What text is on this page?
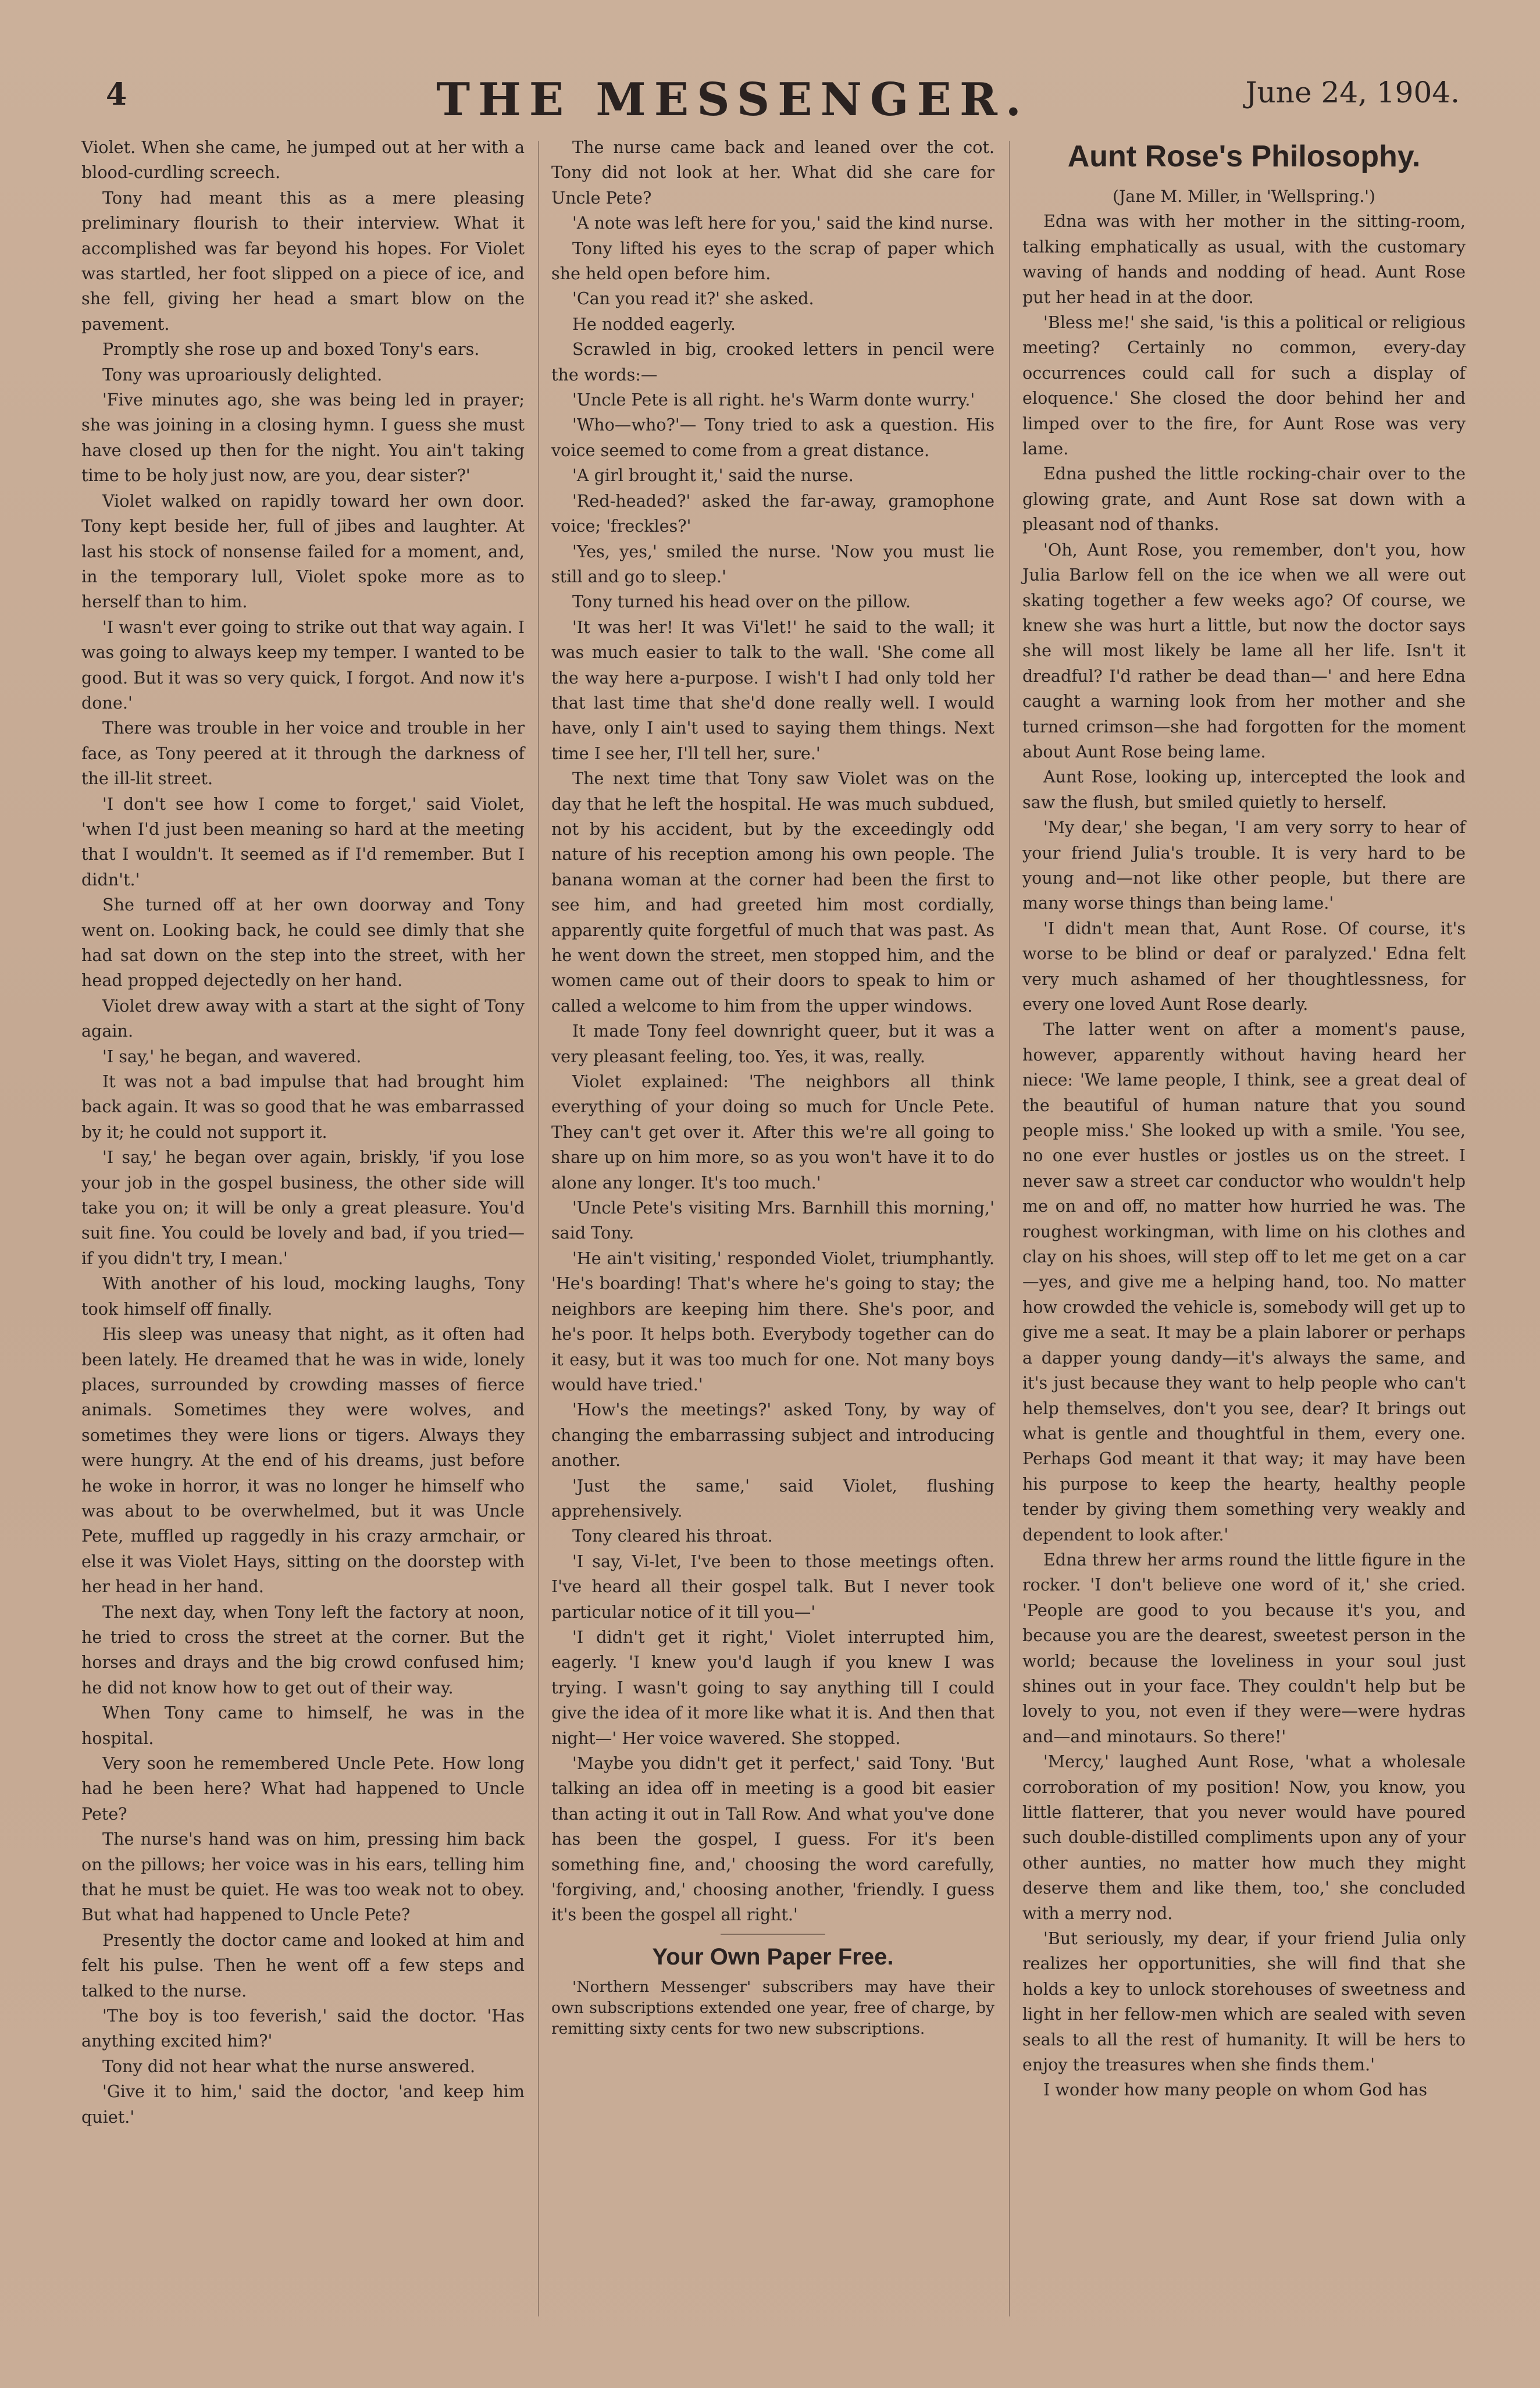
4	THE MESSENGER.	June 24, 1904.

Violet. When she came, he jumped out at her with a blood-curdling screech.

Tony had meant this as a mere pleasing preliminary flourish to their interview. What it accomplished was far beyond his hopes. For Violet was startled, her foot slipped on a piece of ice, and she fell, giving her head a smart blow on the pavement.

Promptly she rose up and boxed Tony's ears.

Tony was uproariously delighted.

'Five minutes ago, she was being led in prayer; she was joining in a closing hymn. I guess she must have closed up then for the night. You ain't taking time to be holy just now, are you, dear sister?'

Violet walked on rapidly toward her own door. Tony kept beside her, full of jibes and laughter. At last his stock of nonsense failed for a moment, and, in the temporary lull, Violet spoke more as to herself than to him.

'I wasn't ever going to strike out that way again. I was going to always keep my temper. I wanted to be good. But it was so very quick, I forgot. And now it's done.'

There was trouble in her voice and trouble in her face, as Tony peered at it through the darkness of the ill-lit street.

'I don't see how I come to forget,' said Violet, 'when I'd just been meaning so hard at the meeting that I wouldn't. It seemed as if I'd remember. But I didn't.'

She turned off at her own doorway and Tony went on. Looking back, he could see dimly that she had sat down on the step into the street, with her head propped dejectedly on her hand.

Violet drew away with a start at the sight of Tony again.

'I say,' he began, and wavered.

It was not a bad impulse that had brought him back again. It was so good that he was embarrassed by it; he could not support it.

'I say,' he began over again, briskly, 'if you lose your job in the gospel business, the other side will take you on; it will be only a great pleasure. You'd suit fine. You could be lovely and bad, if you tried—if you didn't try, I mean.'

With another of his loud, mocking laughs, Tony took himself off finally.

His sleep was uneasy that night, as it often had been lately. He dreamed that he was in wide, lonely places, surrounded by crowding masses of fierce animals. Sometimes they were wolves, and sometimes they were lions or tigers. Always they were hungry. At the end of his dreams, just before he woke in horror, it was no longer he himself who was about to be overwhelmed, but it was Uncle Pete, muffled up raggedly in his crazy armchair, or else it was Violet Hays, sitting on the doorstep with her head in her hand.

The next day, when Tony left the factory at noon, he tried to cross the street at the corner. But the horses and drays and the big crowd confused him; he did not know how to get out of their way.

When Tony came to himself, he was in the hospital.

Very soon he remembered Uncle Pete. How long had he been here? What had happened to Uncle Pete?

The nurse's hand was on him, pressing him back on the pillows; her voice was in his ears, telling him that he must be quiet. He was too weak not to obey. But what had happened to Uncle Pete?

Presently the doctor came and looked at him and felt his pulse. Then he went off a few steps and talked to the nurse.

'The boy is too feverish,' said the doctor. 'Has anything excited him?'

Tony did not hear what the nurse answered.

'Give it to him,' said the doctor, 'and keep him quiet.'

The nurse came back and leaned over the cot. Tony did not look at her. What did she care for Uncle Pete?

'A note was left here for you,' said the kind nurse.

Tony lifted his eyes to the scrap of paper which she held open before him.

'Can you read it?' she asked.

He nodded eagerly.

Scrawled in big, crooked letters in pencil were the words:—

'Uncle Pete is all right. he's Warm donte wurry.'

'Who—who?'— Tony tried to ask a question. His voice seemed to come from a great distance.

'A girl brought it,' said the nurse.

'Red-headed?' asked the far-away, gramophone voice; 'freckles?'

'Yes, yes,' smiled the nurse. 'Now you must lie still and go to sleep.'

Tony turned his head over on the pillow.

'It was her! It was Vi'let!' he said to the wall; it was much easier to talk to the wall. 'She come all the way here a-purpose. I wish't I had only told her that last time that she'd done really well. I would have, only I ain't used to saying them things. Next time I see her, I'll tell her, sure.'

The next time that Tony saw Violet was on the day that he left the hospital. He was much subdued, not by his accident, but by the exceedingly odd nature of his reception among his own people. The banana woman at the corner had been the first to see him, and had greeted him most cordially, apparently quite forgetful of much that was past. As he went down the street, men stopped him, and the women came out of their doors to speak to him or called a welcome to him from the upper windows.

It made Tony feel downright queer, but it was a very pleasant feeling, too. Yes, it was, really.

Violet explained: 'The neighbors all think everything of your doing so much for Uncle Pete. They can't get over it. After this we're all going to share up on him more, so as you won't have it to do alone any longer. It's too much.'

'Uncle Pete's visiting Mrs. Barnhill this morning,' said Tony.

'He ain't visiting,' responded Violet, triumphantly. 'He's boarding! That's where he's going to stay; the neighbors are keeping him there. She's poor, and he's poor. It helps both. Everybody together can do it easy, but it was too much for one. Not many boys would have tried.'

'How's the meetings?' asked Tony, by way of changing the embarrassing subject and introducing another.

'Just the same,' said Violet, flushing apprehensively.

Tony cleared his throat.

'I say, Vi-let, I've been to those meetings often. I've heard all their gospel talk. But I never took particular notice of it till you—'

'I didn't get it right,' Violet interrupted him, eagerly. 'I knew you'd laugh if you knew I was trying. I wasn't going to say anything till I could give the idea of it more like what it is. And then that night—' Her voice wavered. She stopped.

'Maybe you didn't get it perfect,' said Tony. 'But talking an idea off in meeting is a good bit easier than acting it out in Tall Row. And what you've done has been the gospel, I guess. For it's been something fine, and,' choosing the word carefully, 'forgiving, and,' choosing another, 'friendly. I guess it's been the gospel all right.'

Your Own Paper Free.

'Northern Messenger' subscribers may have their own subscriptions extended one year, free of charge, by remitting sixty cents for two new subscriptions.

Aunt Rose's Philosophy.

(Jane M. Miller, in 'Wellspring.')

Edna was with her mother in the sitting-room, talking emphatically as usual, with the customary waving of hands and nodding of head. Aunt Rose put her head in at the door.

'Bless me!' she said, 'is this a political or religious meeting? Certainly no common, every-day occurrences could call for such a display of eloquence.' She closed the door behind her and limped over to the fire, for Aunt Rose was very lame.

Edna pushed the little rocking-chair over to the glowing grate, and Aunt Rose sat down with a pleasant nod of thanks.

'Oh, Aunt Rose, you remember, don't you, how Julia Barlow fell on the ice when we all were out skating together a few weeks ago? Of course, we knew she was hurt a little, but now the doctor says she will most likely be lame all her life. Isn't it dreadful? I'd rather be dead than—' and here Edna caught a warning look from her mother and she turned crimson—she had forgotten for the moment about Aunt Rose being lame.

Aunt Rose, looking up, intercepted the look and saw the flush, but smiled quietly to herself.

'My dear,' she began, 'I am very sorry to hear of your friend Julia's trouble. It is very hard to be young and—not like other people, but there are many worse things than being lame.'

'I didn't mean that, Aunt Rose. Of course, it's worse to be blind or deaf or paralyzed.' Edna felt very much ashamed of her thoughtlessness, for every one loved Aunt Rose dearly.

The latter went on after a moment's pause, however, apparently without having heard her niece: 'We lame people, I think, see a great deal of the beautiful of human nature that you sound people miss.' She looked up with a smile. 'You see, no one ever hustles or jostles us on the street. I never saw a street car conductor who wouldn't help me on and off, no matter how hurried he was. The roughest workingman, with lime on his clothes and clay on his shoes, will step off to let me get on a car—yes, and give me a helping hand, too. No matter how crowded the vehicle is, somebody will get up to give me a seat. It may be a plain laborer or perhaps a dapper young dandy—it's always the same, and it's just because they want to help people who can't help themselves, don't you see, dear? It brings out what is gentle and thoughtful in them, every one. Perhaps God meant it that way; it may have been his purpose to keep the hearty, healthy people tender by giving them something very weakly and dependent to look after.'

Edna threw her arms round the little figure in the rocker. 'I don't believe one word of it,' she cried. 'People are good to you because it's you, and because you are the dearest, sweetest person in the world; because the loveliness in your soul just shines out in your face. They couldn't help but be lovely to you, not even if they were—were hydras and—and minotaurs. So there!'

'Mercy,' laughed Aunt Rose, 'what a wholesale corroboration of my position! Now, you know, you little flatterer, that you never would have poured such double-distilled compliments upon any of your other aunties, no matter how much they might deserve them and like them, too,' she concluded with a merry nod.

'But seriously, my dear, if your friend Julia only realizes her opportunities, she will find that she holds a key to unlock storehouses of sweetness and light in her fellow-men which are sealed with seven seals to all the rest of humanity. It will be hers to enjoy the treasures when she finds them.'

I wonder how many people on whom God has
